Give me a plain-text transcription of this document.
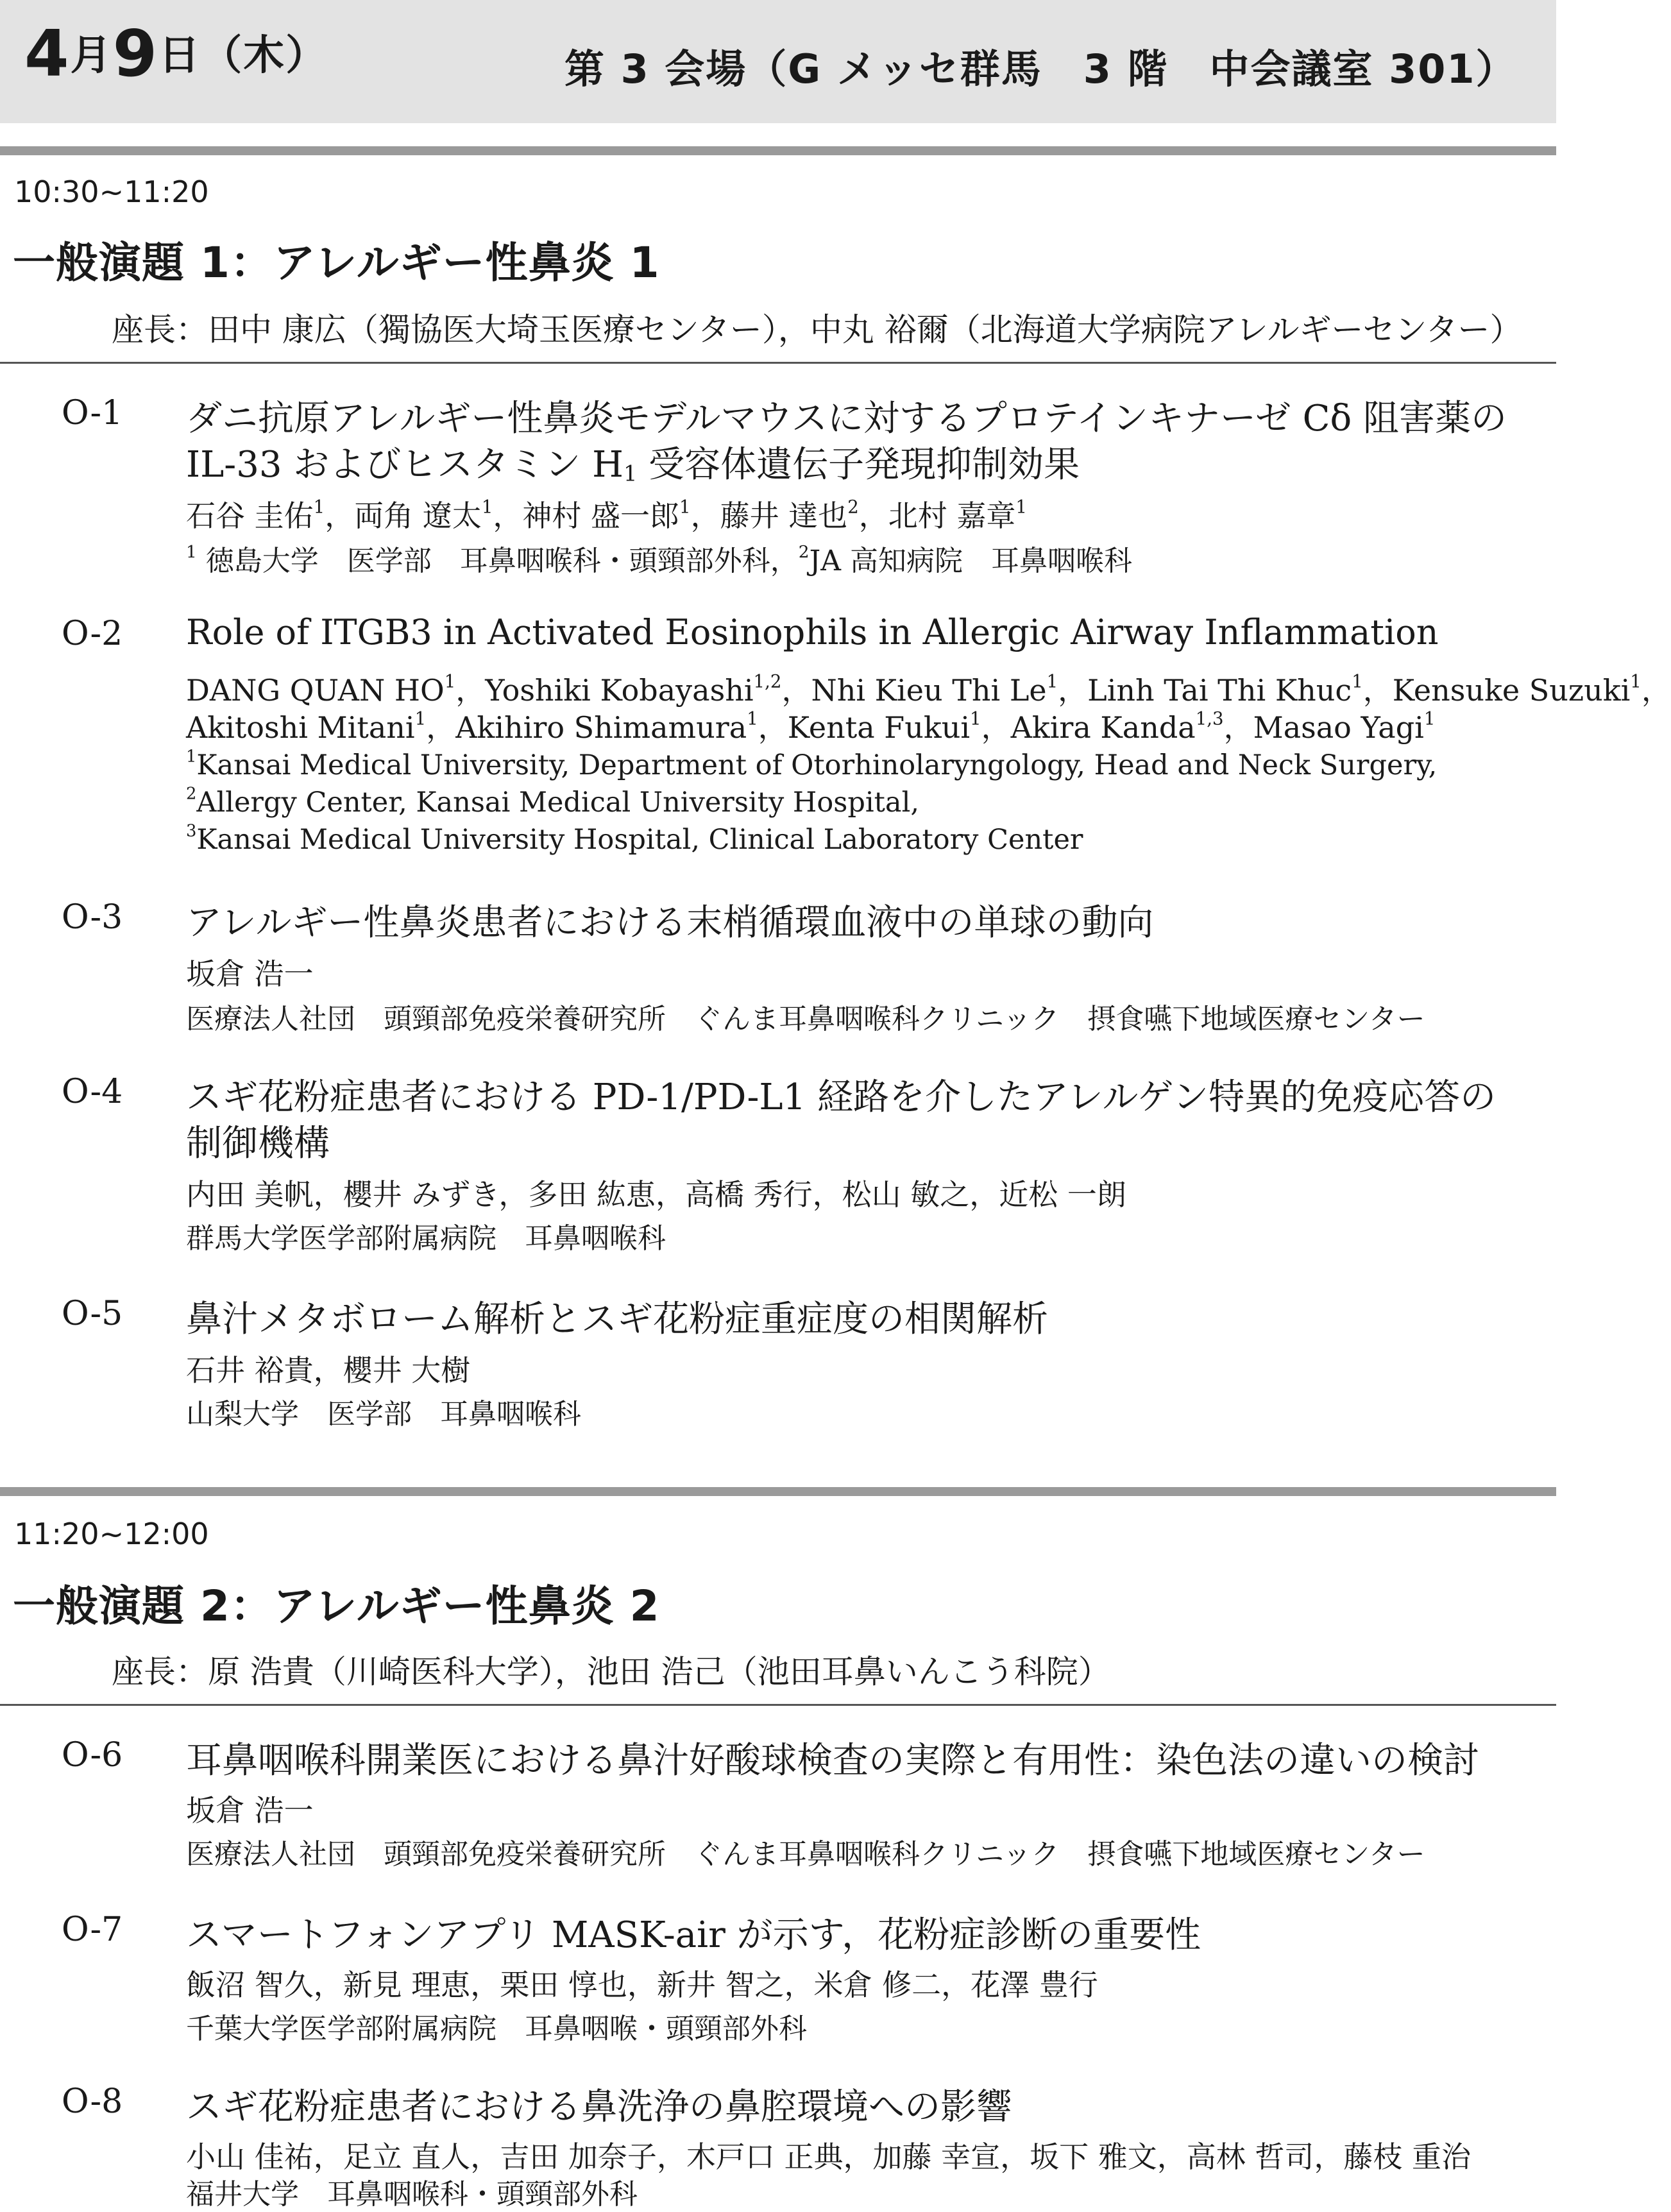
4月9日（木）	第 3 会場（G メッセ群馬　3 階　中会議室 301）
10:30~11:20
一般演題 1：アレルギー性鼻炎 1
座長：田中 康広（獨協医大埼玉医療センター），中丸 裕爾（北海道大学病院アレルギーセンター）
O-1 ダニ抗原アレルギー性鼻炎モデルマウスに対するプロテインキナーゼ Cδ 阻害薬の
IL-33 およびヒスタミン $H_1$ 受容体遺伝子発現抑制効果
石谷 圭佑$^1$，両角 遼太$^1$，神村 盛一郎$^1$，藤井 達也$^2$，北村 嘉章$^1$
$^1$ 徳島大学　医学部　耳鼻咽喉科・頭頸部外科，$^2$JA 高知病院　耳鼻咽喉科
O-2 Role of ITGB3 in Activated Eosinophils in Allergic Airway Inflammation
DANG QUAN $HO^1$，Yoshiki Kobayashi$^{1,2}$，Nhi Kieu Thi Le$^1$，Linh Tai Thi Khuc$^1$，Kensuke Suzuki$^1$，
Akitoshi Mitani$^1$，Akihiro Shimamura$^1$，Kenta Fukui$^1$，Akira Kanda$^{1,3}$，Masao Yagi$^1$
$^1$Kansai Medical University, Department of Otorhinolaryngology, Head and Neck Surgery,
$^2$Allergy Center, Kansai Medical University Hospital,
$^3$Kansai Medical University Hospital, Clinical Laboratory Center
O-3 アレルギー性鼻炎患者における末梢循環血液中の単球の動向
坂倉 浩一
医療法人社団　頭頸部免疫栄養研究所　ぐんま耳鼻咽喉科クリニック　摂食嚥下地域医療センター
O-4 スギ花粉症患者における PD-1/PD-L1 経路を介したアレルゲン特異的免疫応答の
制御機構
内田 美帆，櫻井 みずき，多田 紘恵，高橋 秀行，松山 敏之，近松 一朗
群馬大学医学部附属病院　耳鼻咽喉科
O-5 鼻汁メタボローム解析とスギ花粉症重症度の相関解析
石井 裕貴，櫻井 大樹
山梨大学　医学部　耳鼻咽喉科
11:20~12:00
一般演題 2：アレルギー性鼻炎 2
座長：原 浩貴（川崎医科大学），池田 浩己（池田耳鼻いんこう科院）
O-6 耳鼻咽喉科開業医における鼻汁好酸球検査の実際と有用性：染色法の違いの検討
坂倉 浩一
医療法人社団　頭頸部免疫栄養研究所　ぐんま耳鼻咽喉科クリニック　摂食嚥下地域医療センター
O-7 スマートフォンアプリ MASK-air が示す，花粉症診断の重要性
飯沼 智久，新見 理恵，栗田 惇也，新井 智之，米倉 修二，花澤 豊行
千葉大学医学部附属病院　耳鼻咽喉・頭頸部外科
O-8 スギ花粉症患者における鼻洗浄の鼻腔環境への影響
小山 佳祐，足立 直人，吉田 加奈子，木戸口 正典，加藤 幸宣，坂下 雅文，高林 哲司，藤枝 重治
福井大学　耳鼻咽喉科・頭頸部外科
